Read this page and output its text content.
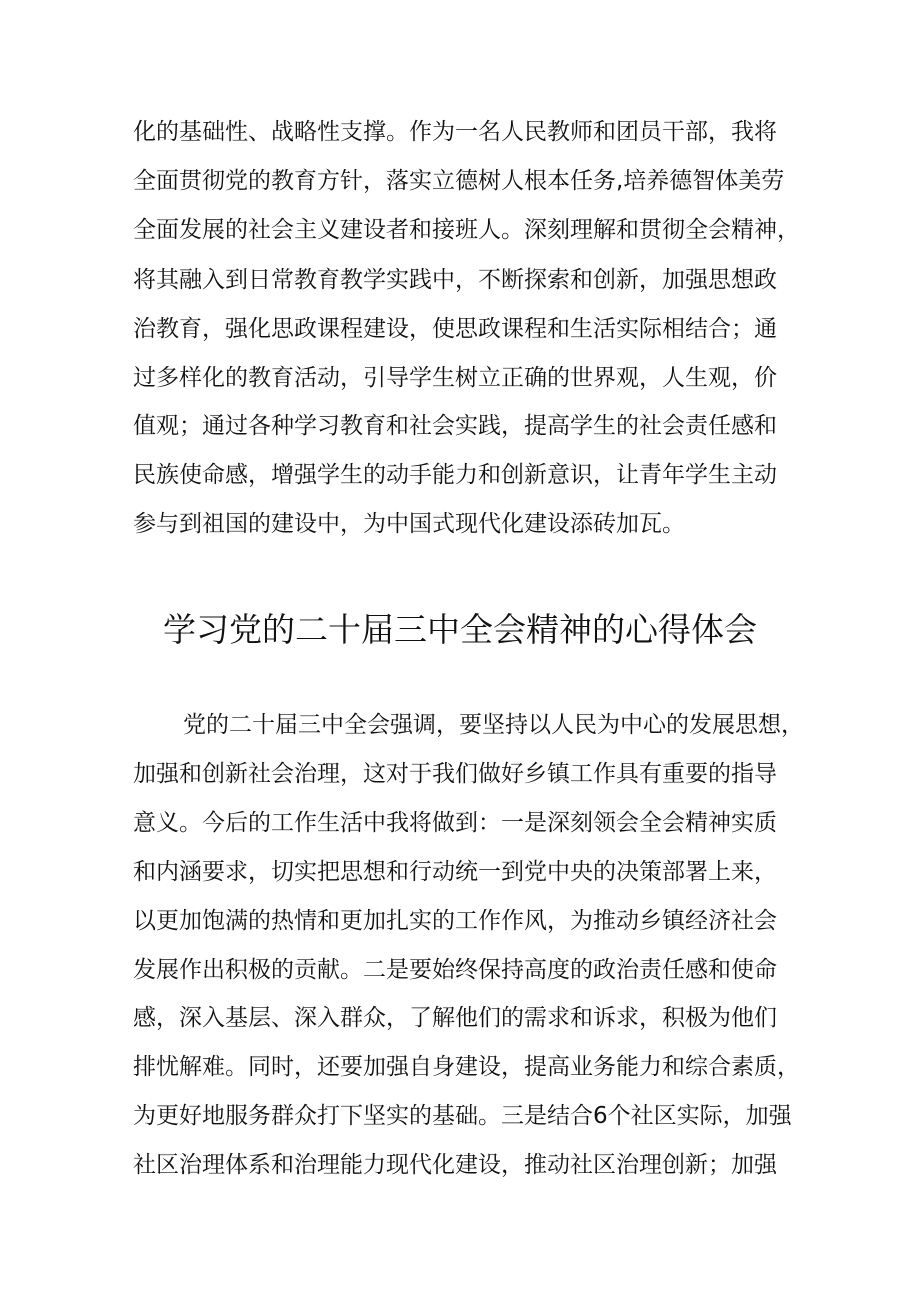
化的基础性、战略性支撑。作为一名人民教师和团员干部，我将
全面贯彻党的教育方针，落实立德树人根本任务,培养德智体美劳
全面发展的社会主义建设者和接班人。深刻理解和贯彻全会精神，
将其融入到日常教育教学实践中，不断探索和创新，加强思想政
治教育，强化思政课程建设，使思政课程和生活实际相结合；通
过多样化的教育活动，引导学生树立正确的世界观，人生观，价
值观；通过各种学习教育和社会实践，提高学生的社会责任感和
民族使命感，增强学生的动手能力和创新意识，让青年学生主动
参与到祖国的建设中，为中国式现代化建设添砖加瓦。
学习党的二十届三中全会精神的心得体会
党的二十届三中全会强调，要坚持以人民为中心的发展思想，
加强和创新社会治理，这对于我们做好乡镇工作具有重要的指导
意义。今后的工作生活中我将做到：一是深刻领会全会精神实质
和内涵要求，切实把思想和行动统一到党中央的决策部署上来，
以更加饱满的热情和更加扎实的工作作风，为推动乡镇经济社会
发展作出积极的贡献。二是要始终保持高度的政治责任感和使命
感，深入基层、深入群众，了解他们的需求和诉求，积极为他们
排忧解难。同时，还要加强自身建设，提高业务能力和综合素质，
为更好地服务群众打下坚实的基础。三是结合6个社区实际，加强
社区治理体系和治理能力现代化建设，推动社区治理创新；加强
